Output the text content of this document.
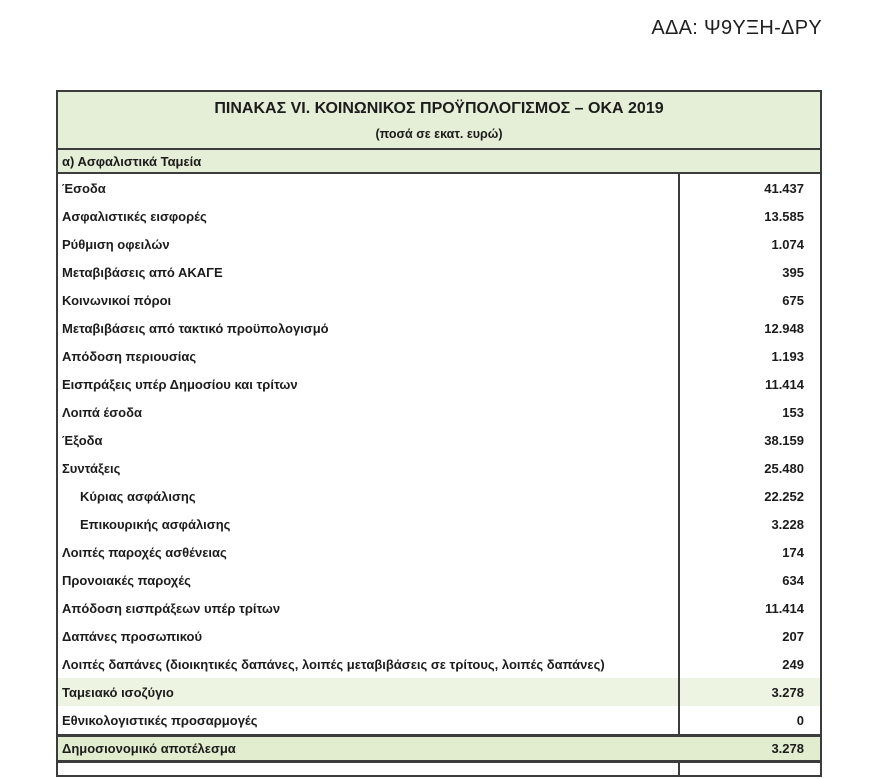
ΑΔΑ: Ψ9ΥΞΗ-ΔΡΥ
ΠΙΝΑΚΑΣ VI. ΚΟΙΝΩΝΙΚΟΣ ΠΡΟΫΠΟΛΟΓΙΣΜΟΣ – ΟΚΑ 2019
(ποσά σε εκατ. ευρώ)
α) Ασφαλιστικά Ταμεία
Έσοδα	41.437
Ασφαλιστικές εισφορές	13.585
Ρύθμιση οφειλών	1.074
Μεταβιβάσεις από ΑΚΑΓΕ	395
Κοινωνικοί πόροι	675
Μεταβιβάσεις από τακτικό προϋπολογισμό	12.948
Απόδοση περιουσίας	1.193
Εισπράξεις υπέρ Δημοσίου και τρίτων	11.414
Λοιπά έσοδα	153
Έξοδα	38.159
Συντάξεις	25.480
Κύριας ασφάλισης	22.252
Επικουρικής ασφάλισης	3.228
Λοιπές παροχές ασθένειας	174
Προνοιακές παροχές	634
Απόδοση εισπράξεων υπέρ τρίτων	11.414
Δαπάνες προσωπικού	207
Λοιπές δαπάνες (διοικητικές δαπάνες, λοιπές μεταβιβάσεις σε τρίτους, λοιπές δαπάνες)	249
Ταμειακό ισοζύγιο	3.278
Εθνικολογιστικές προσαρμογές	0
Δημοσιονομικό αποτέλεσμα	3.278
